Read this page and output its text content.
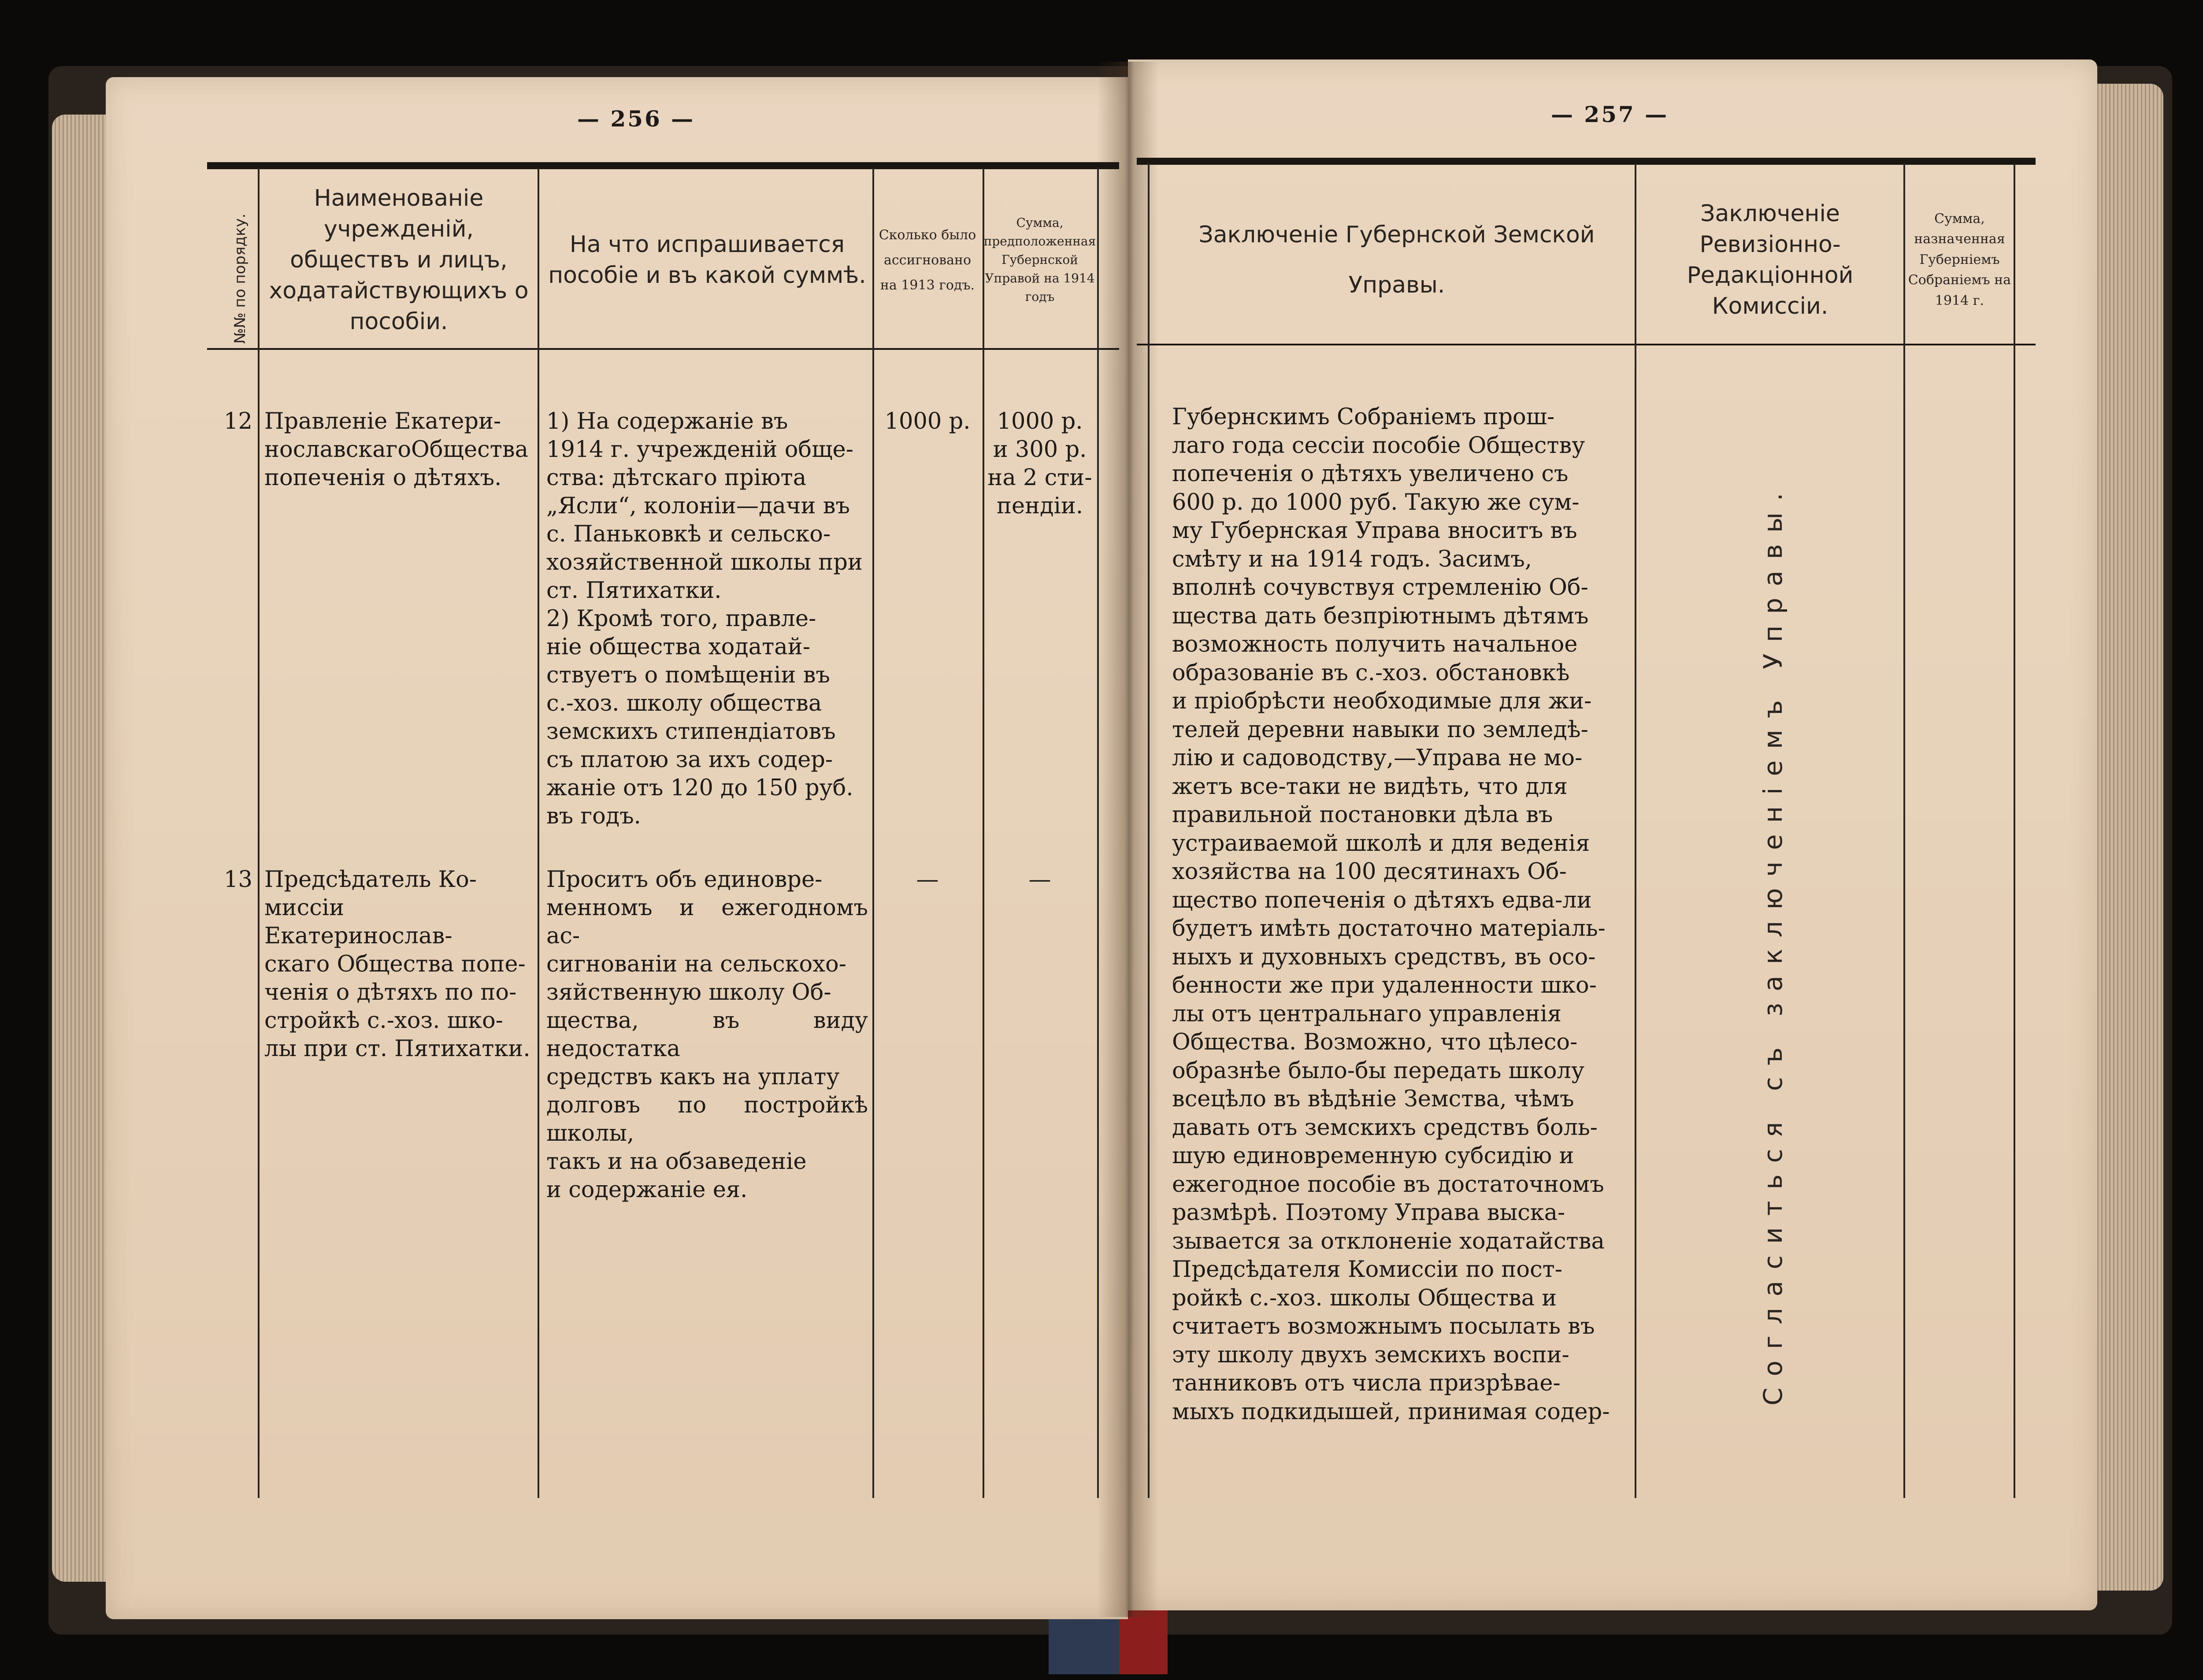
— 256 —
№№ по порядку.
Наименованіе учреждeній, обществъ и лицъ, ходатайствующихъ о пособіи.
На что испрашивается пособіе и въ какой суммѣ.
Сколько было ассигновано на 1913 годъ.
Сумма, предположенная Губернской Управой на 1914 годъ
12 Правленіе Екатери-
нославскагоОбщества
попеченія о дѣтяхъ.
1) На содержаніе въ
1914 г. учрежденій обще-
ства: дѣтскаго пріюта
„Ясли“, колоніи—дачи въ
с. Паньковкѣ и сельско-
хозяйственной школы при
ст. Пятихатки.
2) Кромѣ того, правле-
ніе общества ходатай-
ствуетъ о помѣщеніи въ
с.-хоз. школу общества
земскихъ стипендіатовъ
съ платою за ихъ содер-
жаніе отъ 120 до 150 руб.
въ годъ.
1000 р.	1000 р.
и 300 р.
на 2 сти-
пендіи.
13 Предсѣдатель Ко-
миссіи Екатеринослав-
скаго Общества попе-
ченія о дѣтяхъ по по-
стройкѣ с.-хоз. шко-
лы при ст. Пятихатки.
Проситъ объ единовре-
менномъ и ежегодномъ ас-
сигнованіи на сельскохо-
зяйственную школу Об-
щества, въ виду недостатка
средствъ какъ на уплату
долговъ по постройкѣ школы,
такъ и на обзаведеніе
и содержаніе ея.
—	—
— 257 —
Заключеніе Губернской Земской Управы.
Заключеніе Ревизіонно-Редакціонной Комиссіи.
Сумма, назначенная Губерніемъ Собраніемъ на 1914 г.
Губернскимъ Собраніемъ прош-
лаго года сессіи пособіе Обществу
попеченія о дѣтяхъ увеличено съ
600 р. до 1000 руб. Такую же сум-
му Губернская Управа вноситъ въ
смѣту и на 1914 годъ. Засимъ,
вполнѣ сочувствуя стремленію Об-
щества дать безпріютнымъ дѣтямъ
возможность получить начальное
образованіе въ с.-хоз. обстановкѣ
и пріобрѣсти необходимые для жи-
телей деревни навыки по земледѣ-
лію и садоводству,—Управа не мо-
жетъ все-таки не видѣть, что для
правильной постановки дѣла въ
устраиваемой школѣ и для веденія
хозяйства на 100 десятинахъ Об-
щество попеченія о дѣтяхъ едва-ли
будетъ имѣть достаточно матеріаль-
ныхъ и духовныхъ средствъ, въ осо-
бенности же при удаленности шко-
лы отъ центральнаго управленія
Общества. Возможно, что цѣлесо-
образнѣе было-бы передать школу
всецѣло въ вѣдѣніе Земства, чѣмъ
давать отъ земскихъ средствъ боль-
шую единовременную субсидію и
ежегодное пособіе въ достаточномъ
размѣрѣ. Поэтому Управа выска-
зывается за отклоненіе ходатайства
Предсѣдателя Комиссіи по пост-
ройкѣ с.-хоз. школы Общества и
считаетъ возможнымъ посылать въ
эту школу двухъ земскихъ воспи-
танниковъ отъ числа призрѣвае-
мыхъ подкидышей, принимая содер-
Согласиться съ заключеніемъ Управы.
